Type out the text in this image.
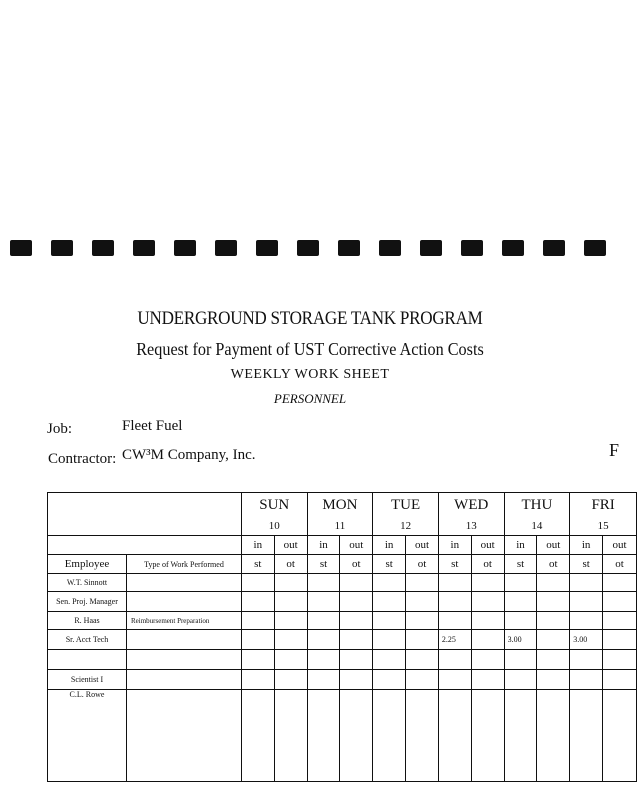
UNDERGROUND STORAGE TANK PROGRAM
Request for Payment of UST Corrective Action Costs
WEEKLY WORK SHEET
PERSONNEL
Job:	Fleet Fuel
Contractor: CW³M Company, Inc.	F
		SUN		MON		TUE		WED		THU		FRI	
		10		11		12		13		14		15	
		in	out	in	out	in	out	in	out	in	out	in	out
Employee	Type of Work Performed	st	ot	st	ot	st	ot	st	ot	st	ot	st	ot
W.T. Sinnott													
Sen. Proj. Manager													
R. Haas	Reimbursement Preparation												
Sr. Acct Tech								2.25		3.00		3.00	

Scientist I													
C.L. Rowe													
